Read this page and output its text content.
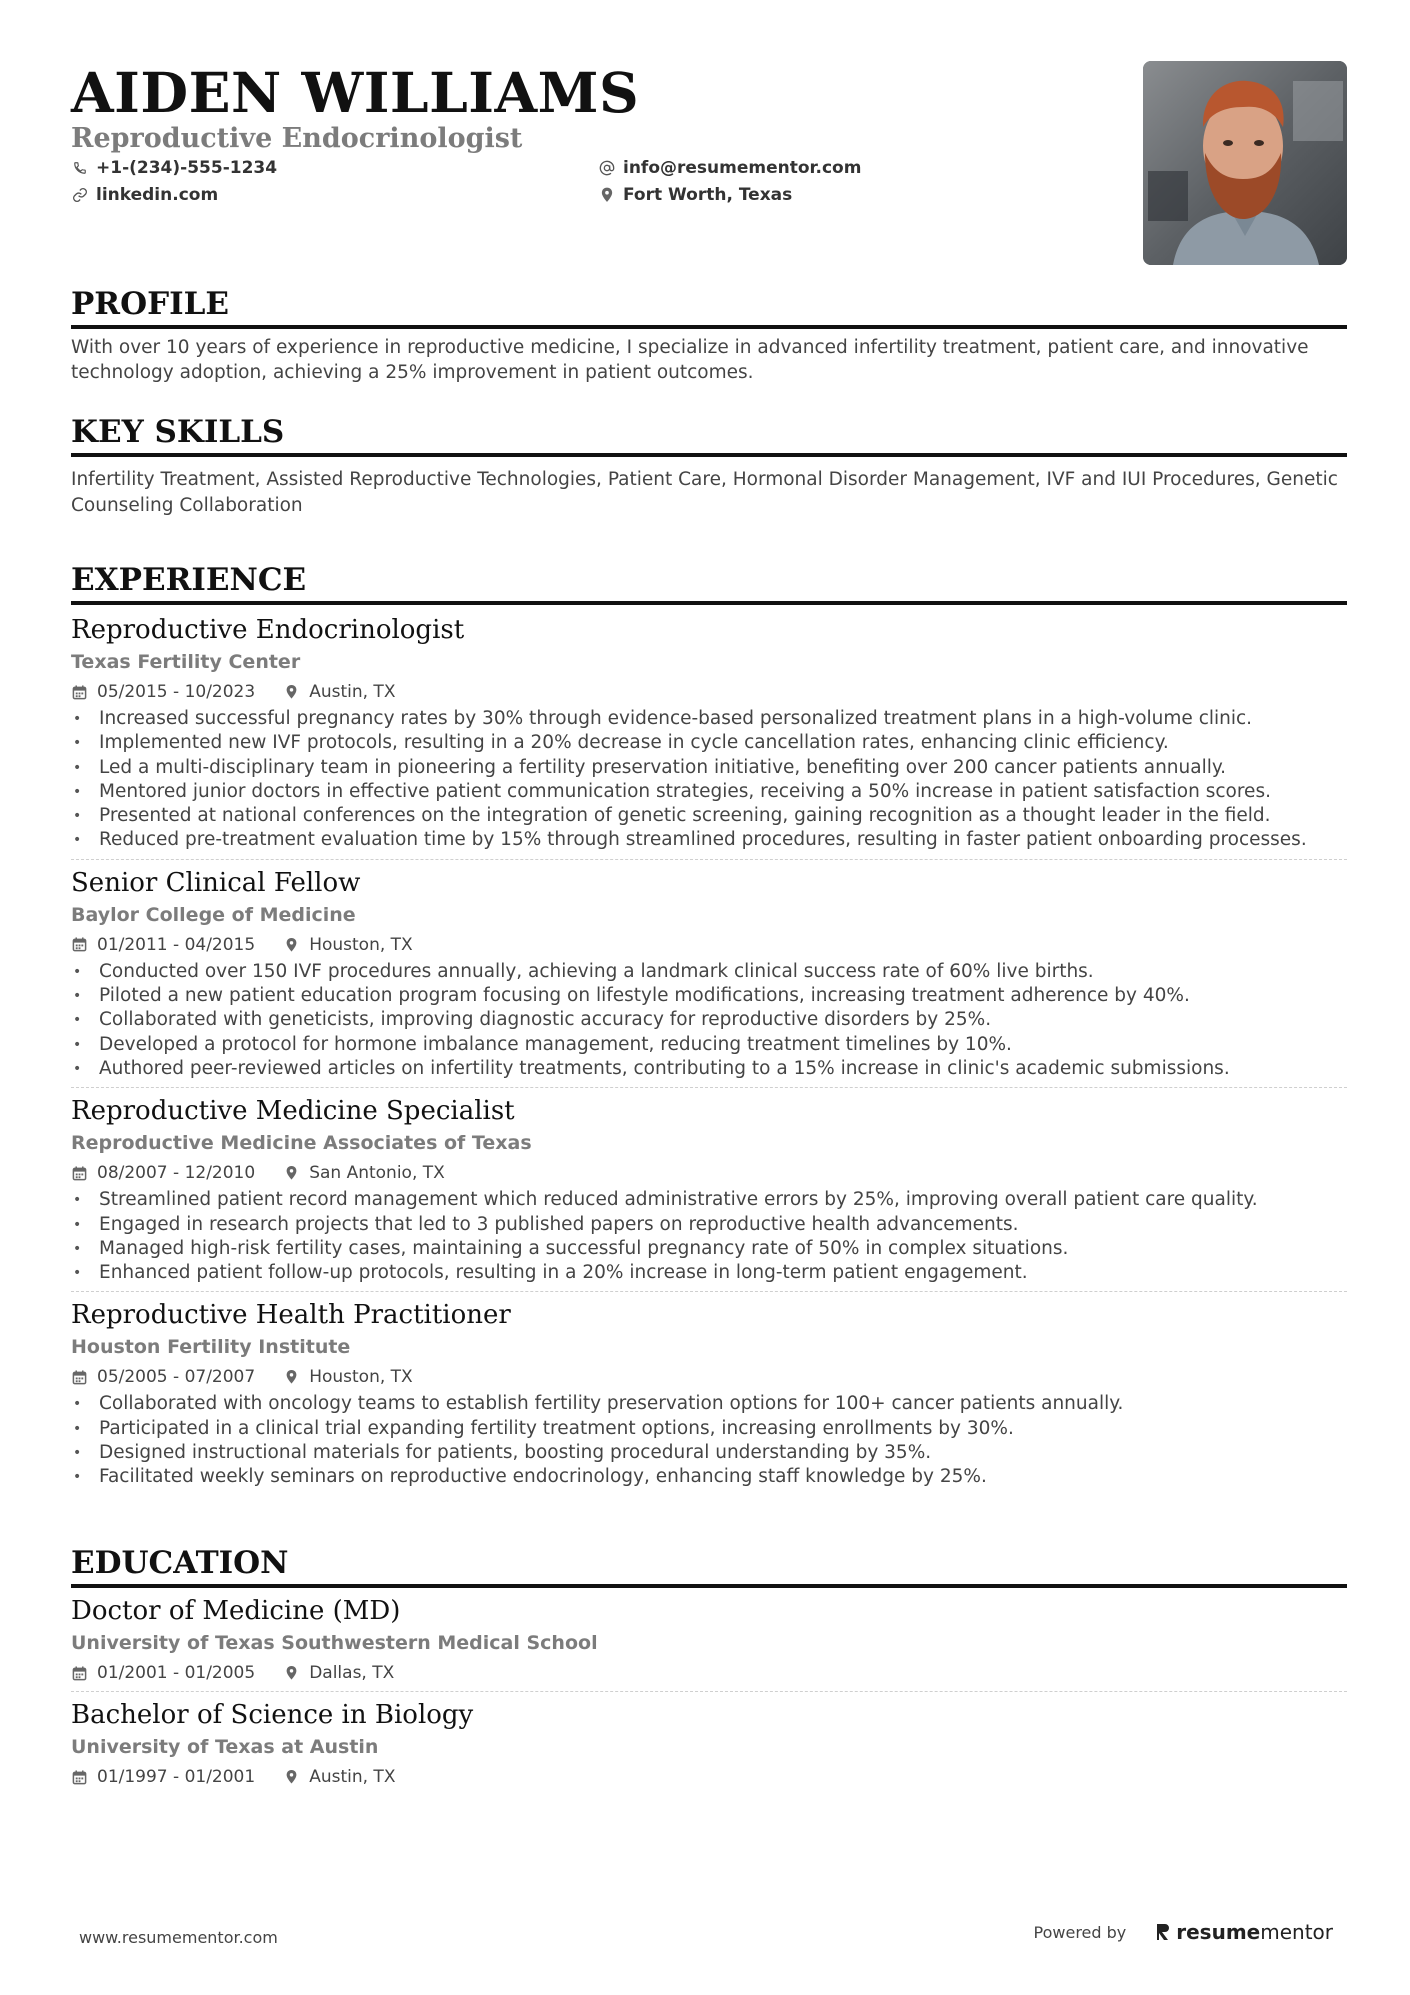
AIDEN WILLIAMS
Reproductive Endocrinologist
+1-(234)-555-1234	info@resumementor.com
linkedin.com	Fort Worth, Texas
PROFILE
With over 10 years of experience in reproductive medicine, I specialize in advanced infertility treatment, patient care, and innovative technology adoption, achieving a 25% improvement in patient outcomes.
KEY SKILLS
Infertility Treatment, Assisted Reproductive Technologies, Patient Care, Hormonal Disorder Management, IVF and IUI Procedures, Genetic Counseling Collaboration
EXPERIENCE
Reproductive Endocrinologist
Texas Fertility Center
05/2015 - 10/2023	Austin, TX
• Increased successful pregnancy rates by 30% through evidence-based personalized treatment plans in a high-volume clinic.
• Implemented new IVF protocols, resulting in a 20% decrease in cycle cancellation rates, enhancing clinic efficiency.
• Led a multi-disciplinary team in pioneering a fertility preservation initiative, benefiting over 200 cancer patients annually.
• Mentored junior doctors in effective patient communication strategies, receiving a 50% increase in patient satisfaction scores.
• Presented at national conferences on the integration of genetic screening, gaining recognition as a thought leader in the field.
• Reduced pre-treatment evaluation time by 15% through streamlined procedures, resulting in faster patient onboarding processes.
Senior Clinical Fellow
Baylor College of Medicine
01/2011 - 04/2015	Houston, TX
• Conducted over 150 IVF procedures annually, achieving a landmark clinical success rate of 60% live births.
• Piloted a new patient education program focusing on lifestyle modifications, increasing treatment adherence by 40%.
• Collaborated with geneticists, improving diagnostic accuracy for reproductive disorders by 25%.
• Developed a protocol for hormone imbalance management, reducing treatment timelines by 10%.
• Authored peer-reviewed articles on infertility treatments, contributing to a 15% increase in clinic's academic submissions.
Reproductive Medicine Specialist
Reproductive Medicine Associates of Texas
08/2007 - 12/2010	San Antonio, TX
• Streamlined patient record management which reduced administrative errors by 25%, improving overall patient care quality.
• Engaged in research projects that led to 3 published papers on reproductive health advancements.
• Managed high-risk fertility cases, maintaining a successful pregnancy rate of 50% in complex situations.
• Enhanced patient follow-up protocols, resulting in a 20% increase in long-term patient engagement.
Reproductive Health Practitioner
Houston Fertility Institute
05/2005 - 07/2007	Houston, TX
• Collaborated with oncology teams to establish fertility preservation options for 100+ cancer patients annually.
• Participated in a clinical trial expanding fertility treatment options, increasing enrollments by 30%.
• Designed instructional materials for patients, boosting procedural understanding by 35%.
• Facilitated weekly seminars on reproductive endocrinology, enhancing staff knowledge by 25%.
EDUCATION
Doctor of Medicine (MD)
University of Texas Southwestern Medical School
01/2001 - 01/2005	Dallas, TX
Bachelor of Science in Biology
University of Texas at Austin
01/1997 - 01/2001	Austin, TX
www.resumementor.com	Powered by	resume mentor
